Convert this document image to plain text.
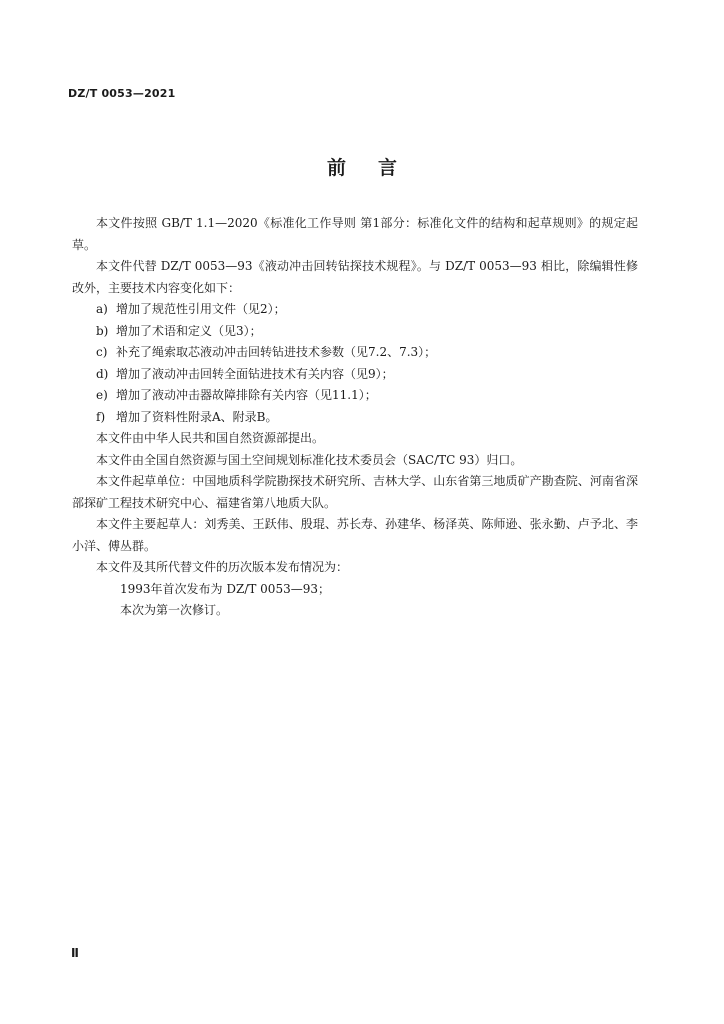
DZ/T 0053—2021
前言

本文件按照 GB/T 1.1—2020《标准化工作导则 第1部分：标准化文件的结构和起草规则》的规定起草。

本文件代替 DZ/T 0053—93《液动冲击回转钻探技术规程》。与 DZ/T 0053—93 相比，除编辑性修改外，主要技术内容变化如下：

a) 增加了规范性引用文件（见2）；
b) 增加了术语和定义（见3）；
c) 补充了绳索取芯液动冲击回转钻进技术参数（见7.2、7.3）；
d) 增加了液动冲击回转全面钻进技术有关内容（见9）；
e) 增加了液动冲击器故障排除有关内容（见11.1）；
f) 增加了资料性附录A、附录B。

本文件由中华人民共和国自然资源部提出。

本文件由全国自然资源与国土空间规划标准化技术委员会（SAC/TC 93）归口。

本文件起草单位：中国地质科学院勘探技术研究所、吉林大学、山东省第三地质矿产勘查院、河南省深部探矿工程技术研究中心、福建省第八地质大队。

本文件主要起草人：刘秀美、王跃伟、殷琨、苏长寿、孙建华、杨泽英、陈师逊、张永勤、卢予北、李小洋、傅丛群。

本文件及其所代替文件的历次版本发布情况为：

1993年首次发布为 DZ/T 0053—93；

本次为第一次修订。

Ⅱ
